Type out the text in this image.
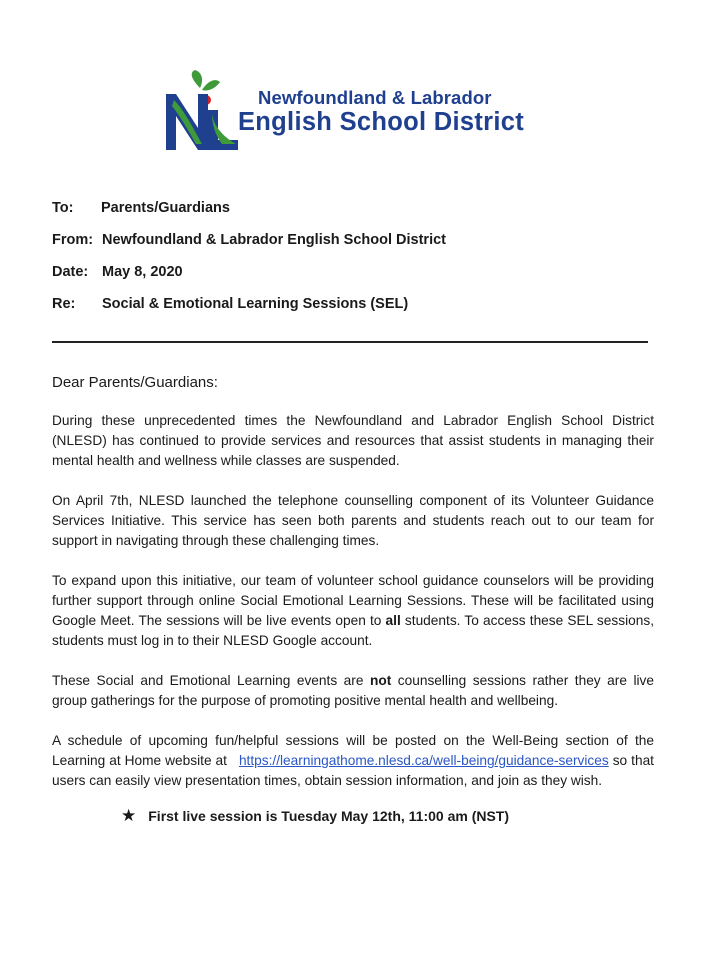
Newfoundland & Labrador
English School District
To:	Parents/Guardians
From: Newfoundland & Labrador English School District
Date: May 8, 2020
Re:	Social & Emotional Learning Sessions (SEL)

Dear Parents/Guardians:

During these unprecedented times the Newfoundland and Labrador English School District (NLESD) has continued to provide services and resources that assist students in managing their mental health and wellness while classes are suspended.

On April 7th, NLESD launched the telephone counselling component of its Volunteer Guidance Services Initiative. This service has seen both parents and students reach out to our team for support in navigating through these challenging times.

To expand upon this initiative, our team of volunteer school guidance counselors will be providing further support through online Social Emotional Learning Sessions. These will be facilitated using Google Meet. The sessions will be live events open to all students. To access these SEL sessions, students must log in to their NLESD Google account.

These Social and Emotional Learning events are not counselling sessions rather they are live group gatherings for the purpose of promoting positive mental health and wellbeing.

A schedule of upcoming fun/helpful sessions will be posted on the Well-Being section of the Learning at Home website at   https://learningathome.nlesd.ca/well-being/guidance-services so that users can easily view presentation times, obtain session information, and join as they wish.

★ First live session is Tuesday May 12th, 11:00 am (NST)
